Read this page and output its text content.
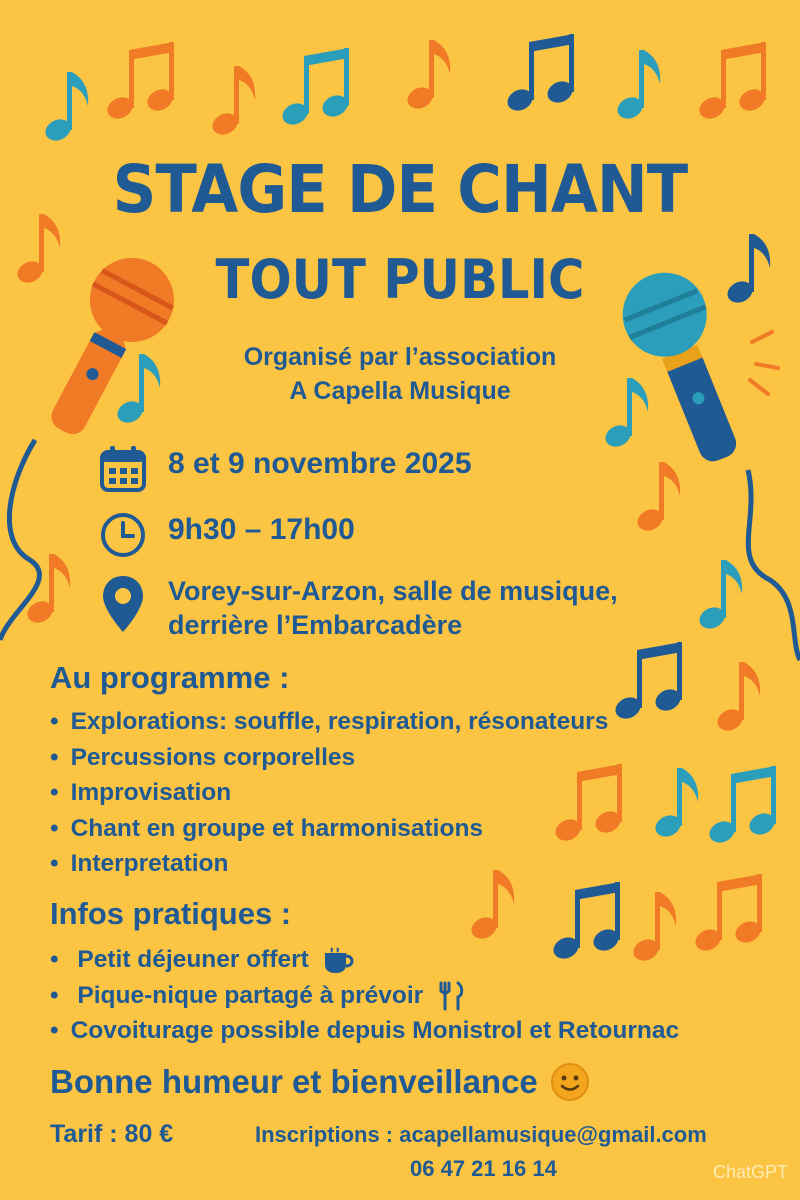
STAGE DE CHANT
TOUT PUBLIC
Organisé par l’association
A Capella Musique
8 et 9 novembre 2025
9h30 – 17h00
Vorey-sur-Arzon, salle de musique,
derrière l’Embarcadère
Au programme :
• Explorations: souffle, respiration, résonateurs
• Percussions corporelles
• Improvisation
• Chant en groupe et harmonisations
• Interpretation
Infos pratiques :
• Petit déjeuner offert
• Pique-nique partagé à prévoir
• Covoiturage possible depuis Monistrol et Retournac
Bonne humeur et bienveillance
Tarif : 80 €	Inscriptions : acapellamusique@gmail.com
06 47 21 16 14	ChatGPT
